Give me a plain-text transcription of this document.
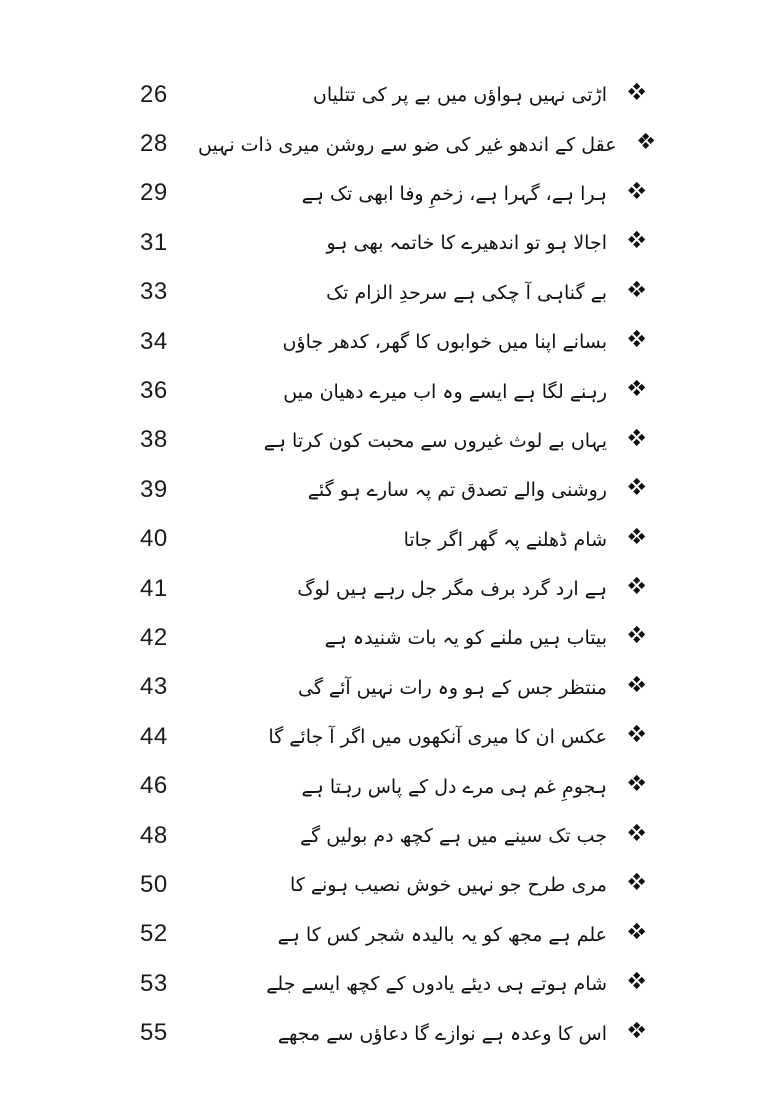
26	اڑتی نہیں ہواؤں میں بے پر کی تتلیاں
28	عقل کے اندھو غیر کی ضو سے روشن میری ذات نہیں
29	ہرا ہے، گہرا ہے، زخمِ وفا ابھی تک ہے
31	اجالا ہو تو اندھیرے کا خاتمہ بھی ہو
33	بے گناہی آ چکی ہے سرحدِ الزام تک
34	بسانے اپنا میں خوابوں کا گھر، کدھر جاؤں
36	رہنے لگا ہے ایسے وہ اب میرے دھیان میں
38	یہاں بے لوث غیروں سے محبت کون کرتا ہے
39	روشنی والے تصدق تم پہ سارے ہو گئے
40	شام ڈھلنے پہ گھر اگر جاتا
41	ہے ارد گرد برف مگر جل رہے ہیں لوگ
42	بیتاب ہیں ملنے کو یہ بات شنیدہ ہے
43	منتظر جس کے ہو وہ رات نہیں آئے گی
44	عکس ان کا میری آنکھوں میں اگر آ جائے گا
46	ہجومِ غم ہی مرے دل کے پاس رہتا ہے
48	جب تک سینے میں ہے کچھ دم بولیں گے
50	مری طرح جو نہیں خوش نصیب ہونے کا
52	علم ہے مجھ کو یہ بالیدہ شجر کس کا ہے
53	شام ہوتے ہی دیئے یادوں کے کچھ ایسے جلے
55	اس کا وعدہ ہے نوازے گا دعاؤں سے مجھے
